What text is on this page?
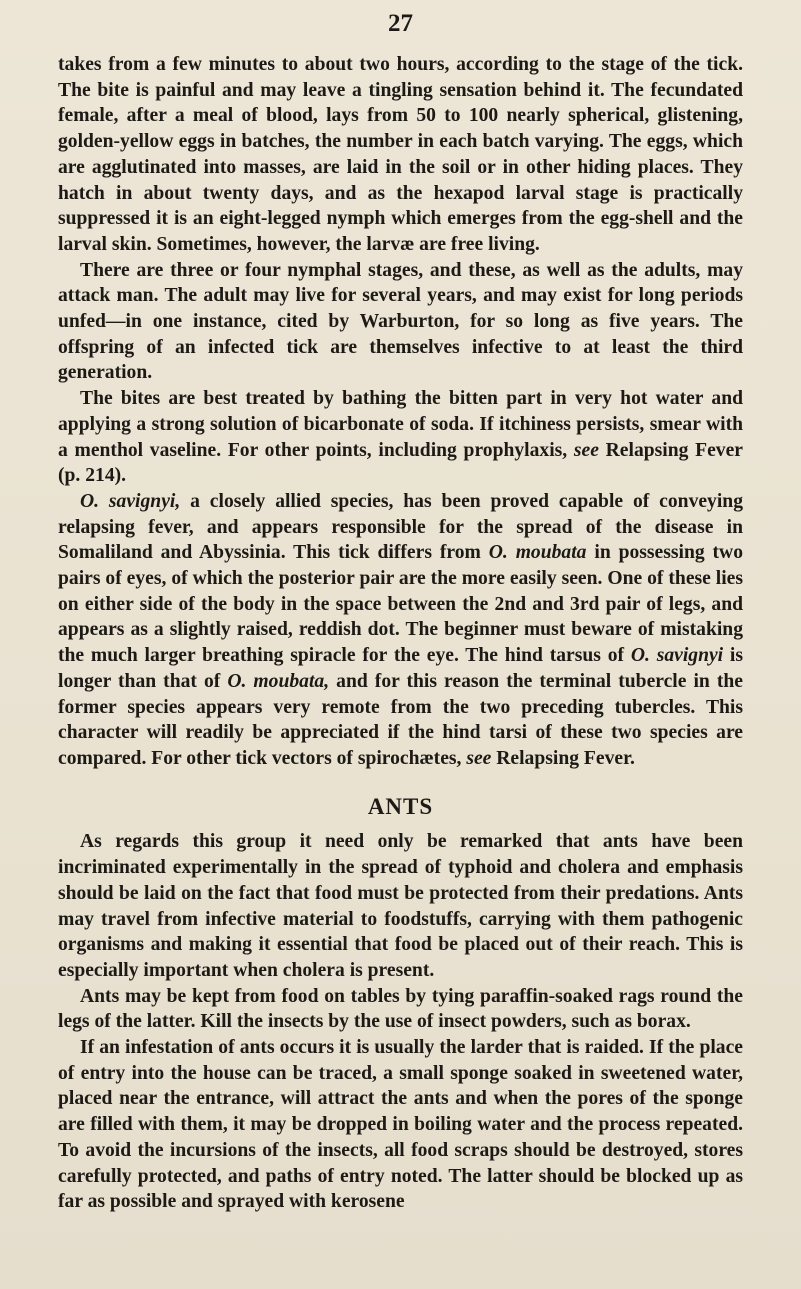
27

takes from a few minutes to about two hours, according to the stage of the tick. The bite is painful and may leave a tingling sensation behind it. The fecundated female, after a meal of blood, lays from 50 to 100 nearly spherical, glistening, golden-yellow eggs in batches, the number in each batch varying. The eggs, which are agglutinated into masses, are laid in the soil or in other hiding places. They hatch in about twenty days, and as the hexapod larval stage is practically suppressed it is an eight-legged nymph which emerges from the egg-shell and the larval skin. Sometimes, however, the larvæ are free living.

There are three or four nymphal stages, and these, as well as the adults, may attack man. The adult may live for several years, and may exist for long periods unfed—in one instance, cited by Warburton, for so long as five years. The offspring of an infected tick are themselves infective to at least the third generation.

The bites are best treated by bathing the bitten part in very hot water and applying a strong solution of bicarbonate of soda. If itchiness persists, smear with a menthol vaseline. For other points, including prophylaxis, see Relapsing Fever (p. 214).

O. savignyi, a closely allied species, has been proved capable of conveying relapsing fever, and appears responsible for the spread of the disease in Somaliland and Abyssinia. This tick differs from O. moubata in possessing two pairs of eyes, of which the posterior pair are the more easily seen. One of these lies on either side of the body in the space between the 2nd and 3rd pair of legs, and appears as a slightly raised, reddish dot. The beginner must beware of mistaking the much larger breathing spiracle for the eye. The hind tarsus of O. savignyi is longer than that of O. moubata, and for this reason the terminal tubercle in the former species appears very remote from the two preceding tubercles. This character will readily be appreciated if the hind tarsi of these two species are compared. For other tick vectors of spirochætes, see Relapsing Fever.

ANTS

As regards this group it need only be remarked that ants have been incriminated experimentally in the spread of typhoid and cholera and emphasis should be laid on the fact that food must be protected from their predations. Ants may travel from infective material to foodstuffs, carrying with them pathogenic organisms and making it essential that food be placed out of their reach. This is especially important when cholera is present.

Ants may be kept from food on tables by tying paraffin-soaked rags round the legs of the latter. Kill the insects by the use of insect powders, such as borax.

If an infestation of ants occurs it is usually the larder that is raided. If the place of entry into the house can be traced, a small sponge soaked in sweetened water, placed near the entrance, will attract the ants and when the pores of the sponge are filled with them, it may be dropped in boiling water and the process repeated. To avoid the incursions of the insects, all food scraps should be destroyed, stores carefully protected, and paths of entry noted. The latter should be blocked up as far as possible and sprayed with kerosene
